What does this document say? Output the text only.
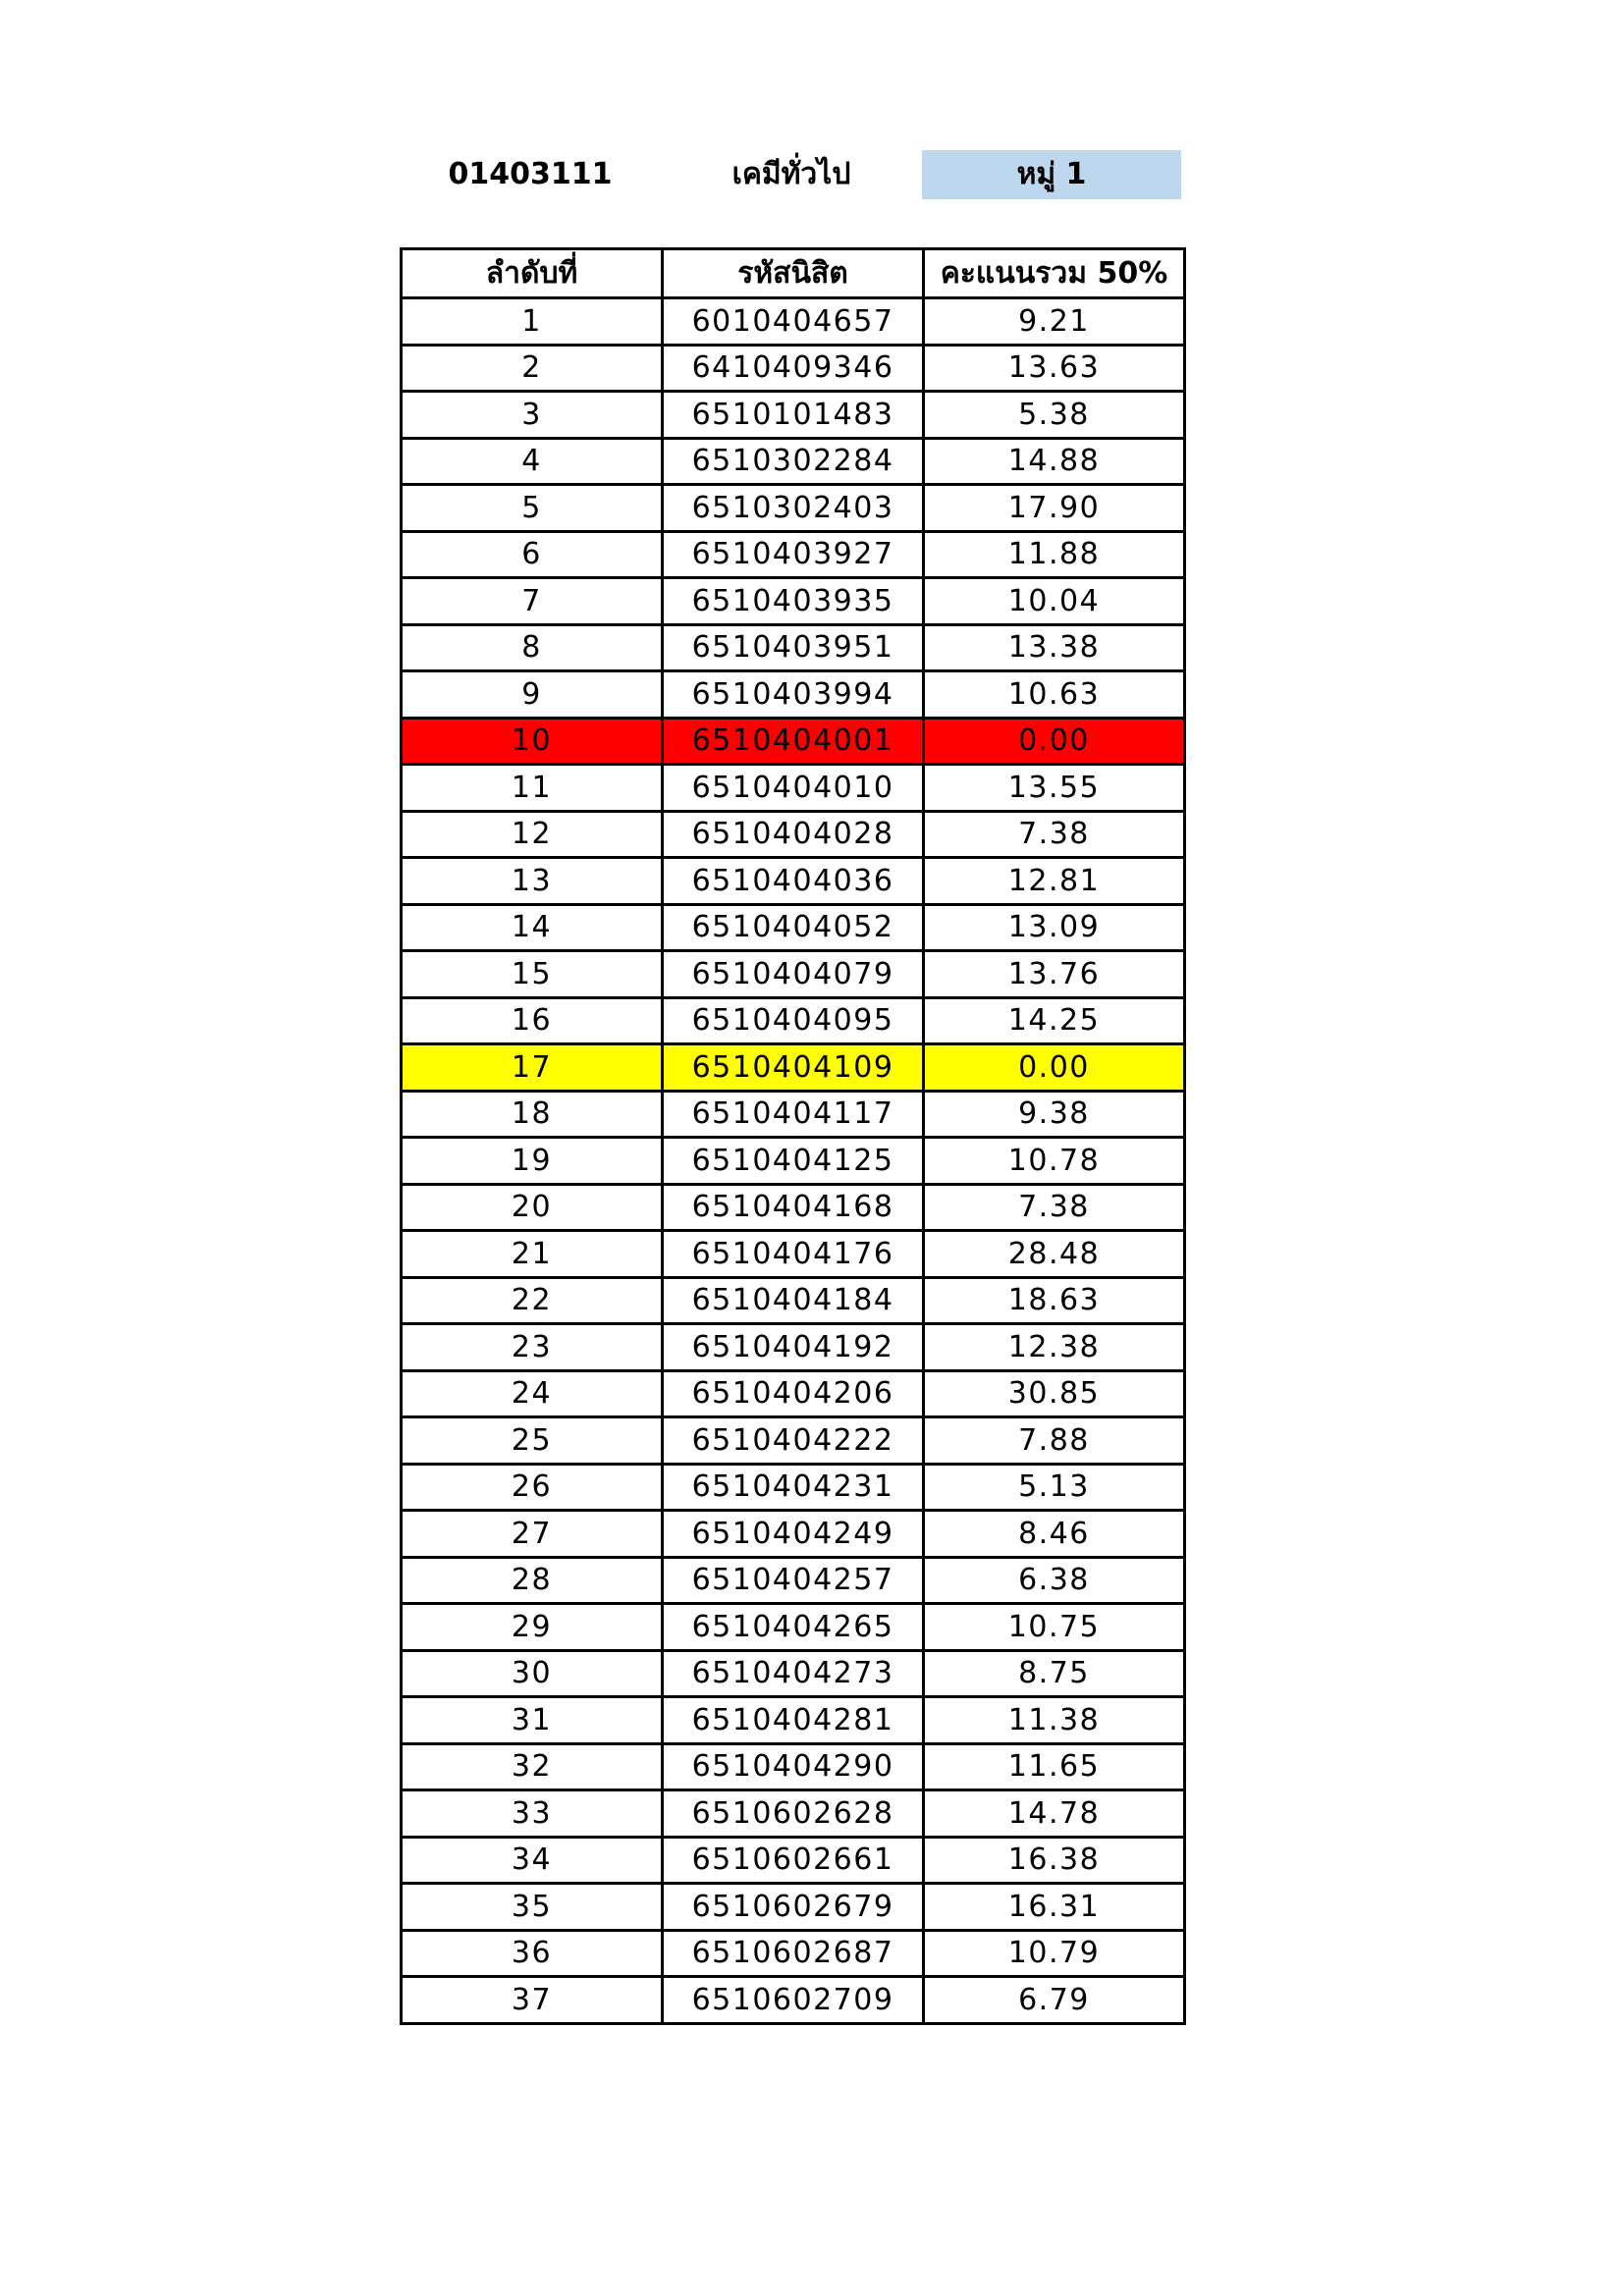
01403111	เคมีทั่วไป	หมู่ 1
ลำดับที่	รหัสนิสิต	คะแนนรวม 50%
1	6010404657	9.21
2	6410409346	13.63
3	6510101483	5.38
4	6510302284	14.88
5	6510302403	17.90
6	6510403927	11.88
7	6510403935	10.04
8	6510403951	13.38
9	6510403994	10.63
10	6510404001	0.00
11	6510404010	13.55
12	6510404028	7.38
13	6510404036	12.81
14	6510404052	13.09
15	6510404079	13.76
16	6510404095	14.25
17	6510404109	0.00
18	6510404117	9.38
19	6510404125	10.78
20	6510404168	7.38
21	6510404176	28.48
22	6510404184	18.63
23	6510404192	12.38
24	6510404206	30.85
25	6510404222	7.88
26	6510404231	5.13
27	6510404249	8.46
28	6510404257	6.38
29	6510404265	10.75
30	6510404273	8.75
31	6510404281	11.38
32	6510404290	11.65
33	6510602628	14.78
34	6510602661	16.38
35	6510602679	16.31
36	6510602687	10.79
37	6510602709	6.79
